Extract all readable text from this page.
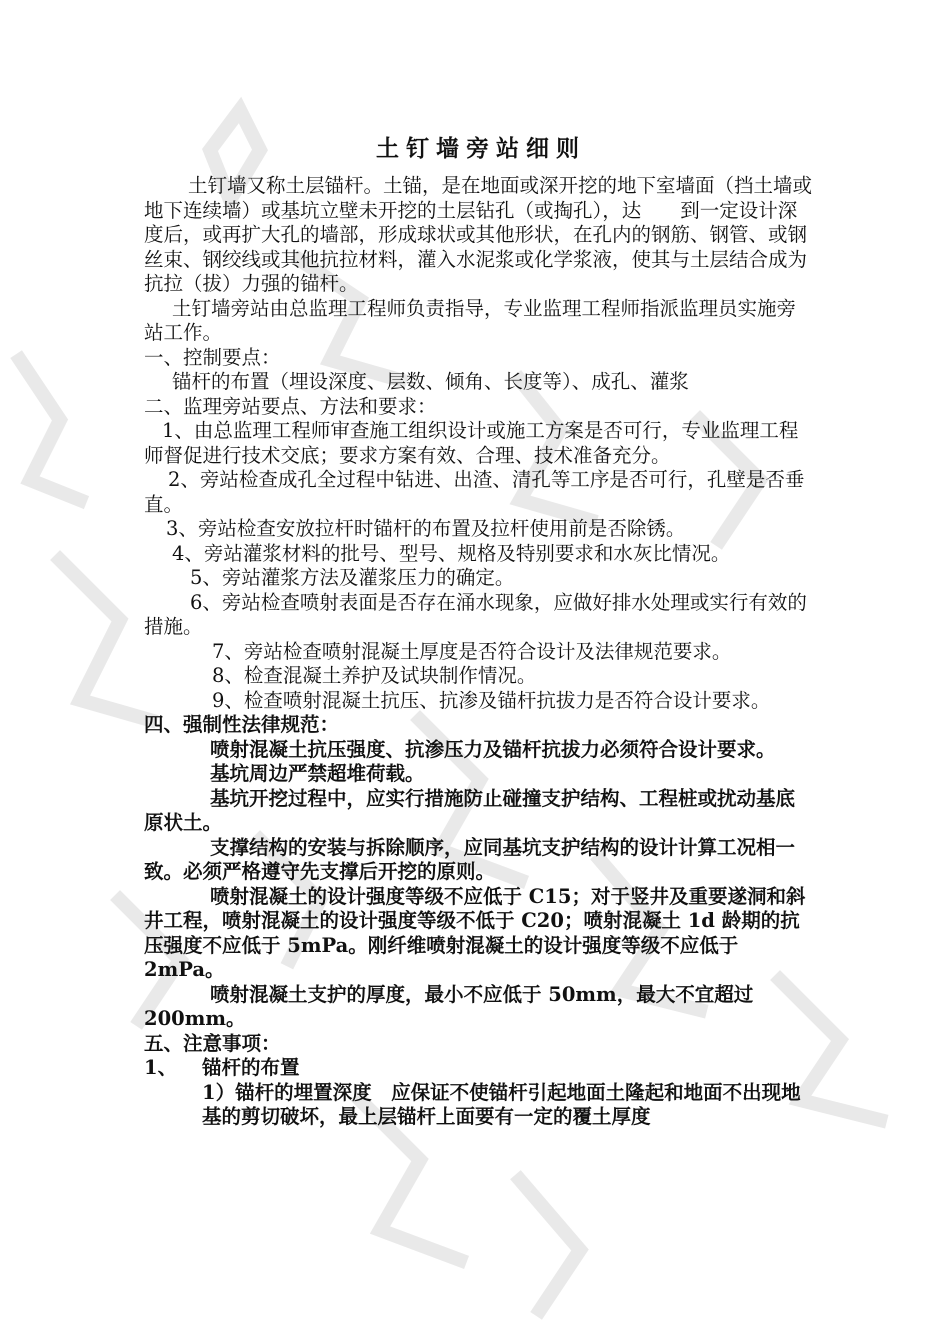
土钉墙旁站细则

土钉墙又称土层锚杆。土锚，是在地面或深开挖的地下室墙面（挡土墙或地下连续墙）或基坑立壁未开挖的土层钻孔（或掏孔），达　　到一定设计深度后，或再扩大孔的墙部，形成球状或其他形状，在孔内的钢筋、钢管、或钢丝束、钢绞线或其他抗拉材料，灌入水泥浆或化学浆液，使其与土层结合成为抗拉（拔）力强的锚杆。

土钉墙旁站由总监理工程师负责指导，专业监理工程师指派监理员实施旁站工作。

一、控制要点：

锚杆的布置（埋设深度、层数、倾角、长度等）、成孔、灌浆

二、监理旁站要点、方法和要求：

1、由总监理工程师审查施工组织设计或施工方案是否可行，专业监理工程师督促进行技术交底；要求方案有效、合理、技术准备充分。

2、旁站检查成孔全过程中钻进、出渣、清孔等工序是否可行，孔壁是否垂直。

3、旁站检查安放拉杆时锚杆的布置及拉杆使用前是否除锈。

4、旁站灌浆材料的批号、型号、规格及特别要求和水灰比情况。

5、旁站灌浆方法及灌浆压力的确定。

6、旁站检查喷射表面是否存在涌水现象，应做好排水处理或实行有效的措施。

7、旁站检查喷射混凝土厚度是否符合设计及法律规范要求。

8、检查混凝土养护及试块制作情况。

9、检查喷射混凝土抗压、抗渗及锚杆抗拔力是否符合设计要求。

四、强制性法律规范：

喷射混凝土抗压强度、抗渗压力及锚杆抗拔力必须符合设计要求。

基坑周边严禁超堆荷载。

基坑开挖过程中，应实行措施防止碰撞支护结构、工程桩或扰动基底原状土。

支撑结构的安装与拆除顺序，应同基坑支护结构的设计计算工况相一致。必须严格遵守先支撑后开挖的原则。

喷射混凝土的设计强度等级不应低于 C15；对于竖井及重要遂洞和斜井工程，喷射混凝土的设计强度等级不低于 C20；喷射混凝土 1d 龄期的抗压强度不应低于 5mPa。刚纤维喷射混凝土的设计强度等级不应低于 2mPa。

喷射混凝土支护的厚度，最小不应低于 50mm，最大不宜超过 200mm。

五、注意事项：

1、	锚杆的布置

1）锚杆的埋置深度　应保证不使锚杆引起地面土隆起和地面不出现地基的剪切破坏，最上层锚杆上面要有一定的覆土厚度
